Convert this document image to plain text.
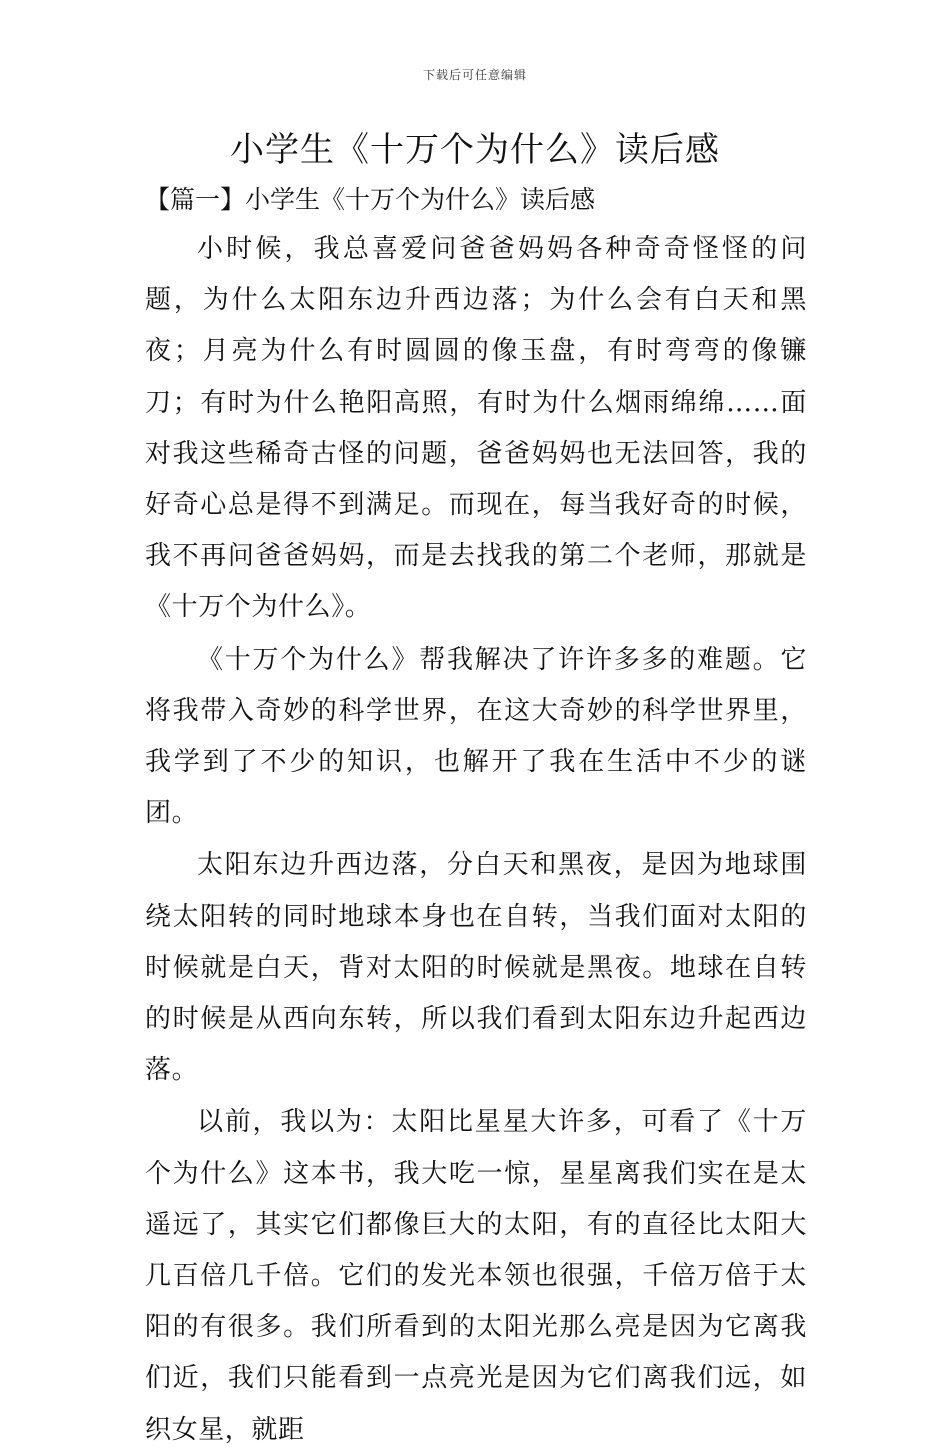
下载后可任意编辑
小学生《十万个为什么》读后感
【篇一】小学生《十万个为什么》读后感

小时候，我总喜爱问爸爸妈妈各种奇奇怪怪的问题，为什么太阳东边升西边落；为什么会有白天和黑夜；月亮为什么有时圆圆的像玉盘，有时弯弯的像镰刀；有时为什么艳阳高照，有时为什么烟雨绵绵……面对我这些稀奇古怪的问题，爸爸妈妈也无法回答，我的好奇心总是得不到满足。而现在，每当我好奇的时候，我不再问爸爸妈妈，而是去找我的第二个老师，那就是《十万个为什么》。

《十万个为什么》帮我解决了许许多多的难题。它将我带入奇妙的科学世界，在这大奇妙的科学世界里，我学到了不少的知识，也解开了我在生活中不少的谜团。

太阳东边升西边落，分白天和黑夜，是因为地球围绕太阳转的同时地球本身也在自转，当我们面对太阳的时候就是白天，背对太阳的时候就是黑夜。地球在自转的时候是从西向东转，所以我们看到太阳东边升起西边落。

以前，我以为：太阳比星星大许多，可看了《十万个为什么》这本书，我大吃一惊，星星离我们实在是太遥远了，其实它们都像巨大的太阳，有的直径比太阳大几百倍几千倍。它们的发光本领也很强，千倍万倍于太阳的有很多。我们所看到的太阳光那么亮是因为它离我们近，我们只能看到一点亮光是因为它们离我们远，如织女星，就距
